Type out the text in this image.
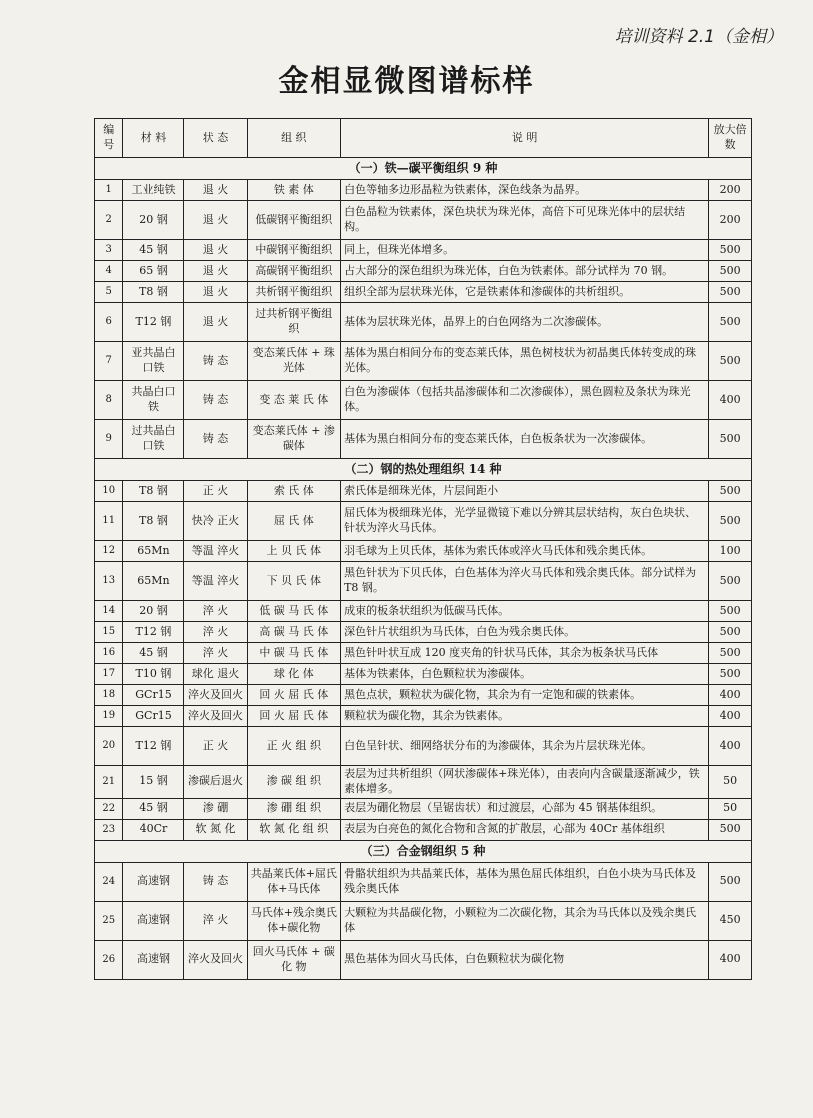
培训资料 2.1（金相）
金相显微图谱标样
编号	材 料	状 态	组 织	说 明	放大倍数
（一）铁—碳平衡组织 9 种					
1	工业纯铁	退 火	铁 素 体	白色等轴多边形晶粒为铁素体，深色线条为晶界。	200
2	20 钢	退 火	低碳钢平衡组织	白色晶粒为铁素体，深色块状为珠光体，高倍下可见珠光体中的层状结构。	200
3	45 钢	退 火	中碳钢平衡组织	同上，但珠光体增多。	500
4	65 钢	退 火	高碳钢平衡组织	占大部分的深色组织为珠光体，白色为铁素体。部分试样为 70 钢。	500
5	T8 钢	退 火	共析钢平衡组织	组织全部为层状珠光体，它是铁素体和渗碳体的共析组织。	500
6	T12 钢	退 火	过共析钢平衡组织	基体为层状珠光体，晶界上的白色网络为二次渗碳体。	500
7	亚共晶白口铁	铸 态	变态莱氏体 + 珠光体	基体为黑白相间分布的变态莱氏体，黑色树枝状为初晶奥氏体转变成的珠光体。	500
8	共晶白口铁	铸 态	变 态 莱 氏 体	白色为渗碳体（包括共晶渗碳体和二次渗碳体），黑色圆粒及条状为珠光体。	400
9	过共晶白口铁	铸 态	变态莱氏体 + 渗碳体	基体为黑白相间分布的变态莱氏体，白色板条状为一次渗碳体。	500
（二）钢的热处理组织 14 种					
10	T8 钢	正 火	索 氏 体	索氏体是细珠光体，片层间距小	500
11	T8 钢	快冷 正火	屈 氏 体	屈氏体为极细珠光体，光学显微镜下难以分辨其层状结构，灰白色块状、针状为淬火马氏体。	500
12	65Mn	等温 淬火	上 贝 氏 体	羽毛球为上贝氏体，基体为索氏体或淬火马氏体和残余奥氏体。	100
13	65Mn	等温 淬火	下 贝 氏 体	黑色针状为下贝氏体，白色基体为淬火马氏体和残余奥氏体。部分试样为 T8 钢。	500
14	20 钢	淬 火	低 碳 马 氏 体	成束的板条状组织为低碳马氏体。	500
15	T12 钢	淬 火	高 碳 马 氏 体	深色针片状组织为马氏体，白色为残余奥氏体。	500
16	45 钢	淬 火	中 碳 马 氏 体	黑色针叶状互成 120 度夹角的针状马氏体，其余为板条状马氏体	500
17	T10 钢	球化 退火	球 化 体	基体为铁素体，白色颗粒状为渗碳体。	500
18	GCr15	淬火及回火	回 火 屈 氏 体	黑色点状，颗粒状为碳化物，其余为有一定饱和碳的铁素体。	400
19	GCr15	淬火及回火	回 火 屈 氏 体	颗粒状为碳化物，其余为铁素体。	400
20	T12 钢	正 火	正 火 组 织	白色呈针状、细网络状分布的为渗碳体，其余为片层状珠光体。	400
21	15 钢	渗碳后退火	渗 碳 组 织	表层为过共析组织（网状渗碳体+珠光体），由表向内含碳量逐渐减少，铁素体增多。	50
22	45 钢	渗 硼	渗 硼 组 织	表层为硼化物层（呈锯齿状）和过渡层，心部为 45 钢基体组织。	50
23	40Cr	软 氮 化	软 氮 化 组 织	表层为白亮色的氮化合物和含氮的扩散层，心部为 40Cr 基体组织	500
（三）合金钢组织 5 种					
24	高速钢	铸 态	共晶莱氏体+屈氏体+马氏体	骨骼状组织为共晶莱氏体，基体为黑色屈氏体组织，白色小块为马氏体及残余奥氏体	500
25	高速钢	淬 火	马氏体+残余奥氏体+碳化物	大颗粒为共晶碳化物，小颗粒为二次碳化物，其余为马氏体以及残余奥氏体	450
26	高速钢	淬火及回火	回火马氏体 + 碳 化 物	黑色基体为回火马氏体，白色颗粒状为碳化物	400
